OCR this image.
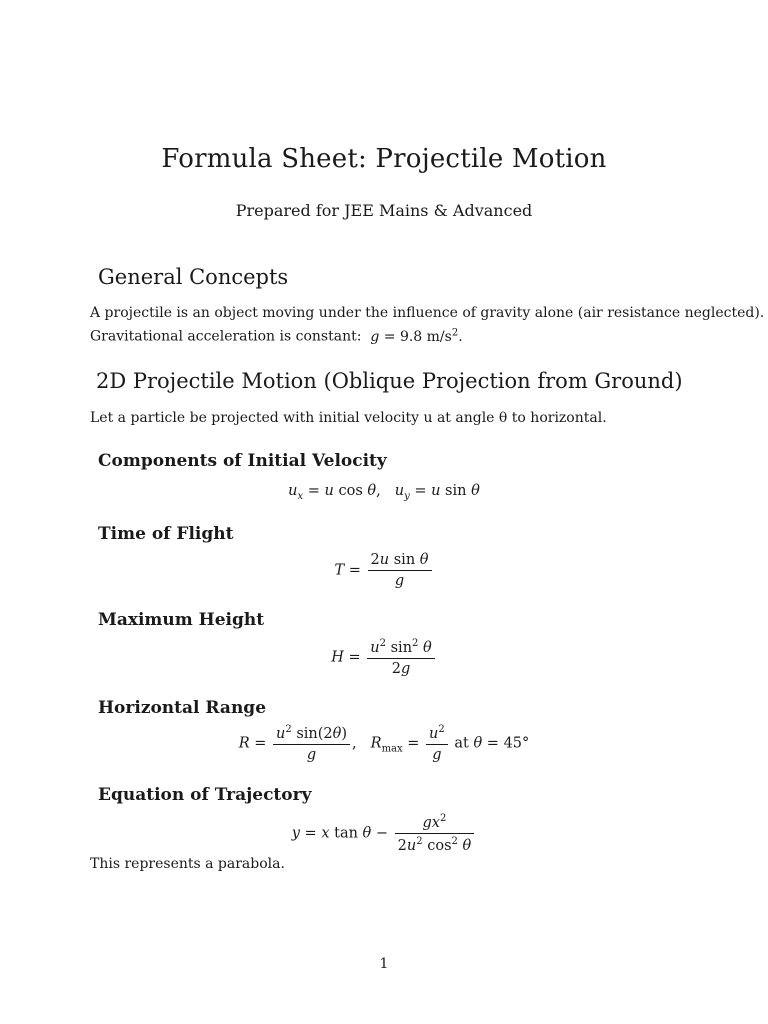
Formula Sheet: Projectile Motion
Prepared for JEE Mains & Advanced
General Concepts
A projectile is an object moving under the influence of gravity alone (air resistance neglected).
Gravitational acceleration is constant: g = 9.8 $m/s^2$.
2D Projectile Motion (Oblique Projection from Ground)
Let a particle be projected with initial velocity u at angle θ to horizontal.
Components of Initial Velocity
$u_x = u$ cos θ, $u_y = u$ sin θ
Time of Flight
$T = \frac{\text{2u sin θ}}{g}$
Maximum Height
$H = \frac{u^2 \sin^2 \theta}{2g}$
Horizontal Range
$R = \frac{u^2 \sin(2\theta)}{g}$ , $R_{max} = \frac{u^2}{g}$ at θ = 45°
Equation of Trajectory
y = x $\tan \theta - \frac{gx^2}{2u^2 \cos^2 \theta}$
This represents a parabola.
1
